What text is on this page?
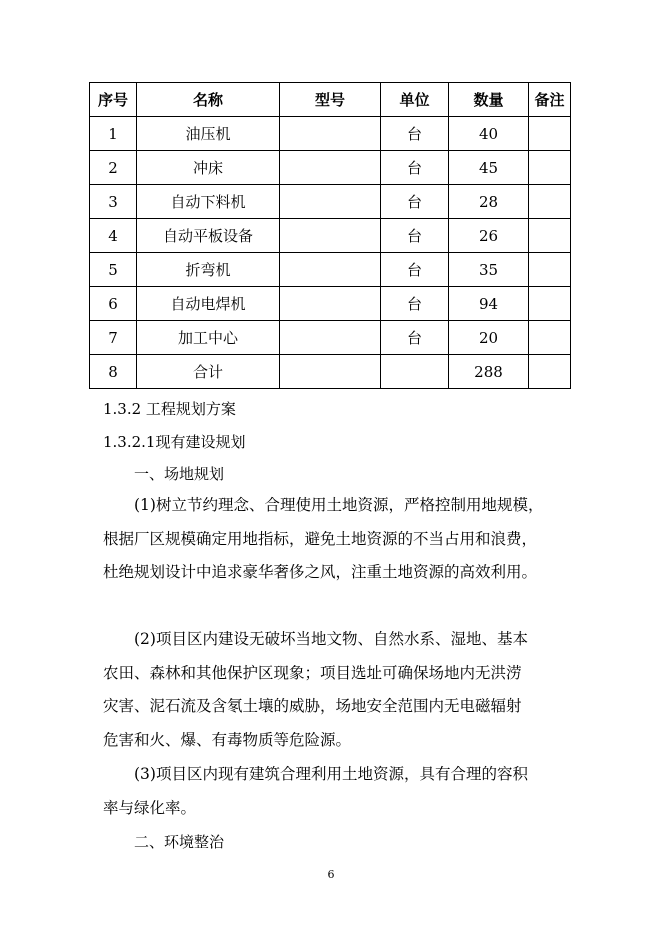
序号	名称	型号	单位	数量	备注
1	油压机		台	40	
2	冲床		台	45	
3	自动下料机		台	28	
4	自动平板设备		台	26	
5	折弯机		台	35	
6	自动电焊机		台	94	
7	加工中心		台	20	
8	合计			288	
1.3.2 工程规划方案
1.3.2.1现有建设规划
一、场地规划
(1)树立节约理念、合理使用土地资源，严格控制用地规模，
根据厂区规模确定用地指标，避免土地资源的不当占用和浪费，
杜绝规划设计中追求豪华奢侈之风，注重土地资源的高效利用。
(2)项目区内建设无破坏当地文物、自然水系、湿地、基本
农田、森林和其他保护区现象；项目选址可确保场地内无洪涝
灾害、泥石流及含氡土壤的威胁，场地安全范围内无电磁辐射
危害和火、爆、有毒物质等危险源。
(3)项目区内现有建筑合理利用土地资源，具有合理的容积
率与绿化率。
二、环境整治
6
